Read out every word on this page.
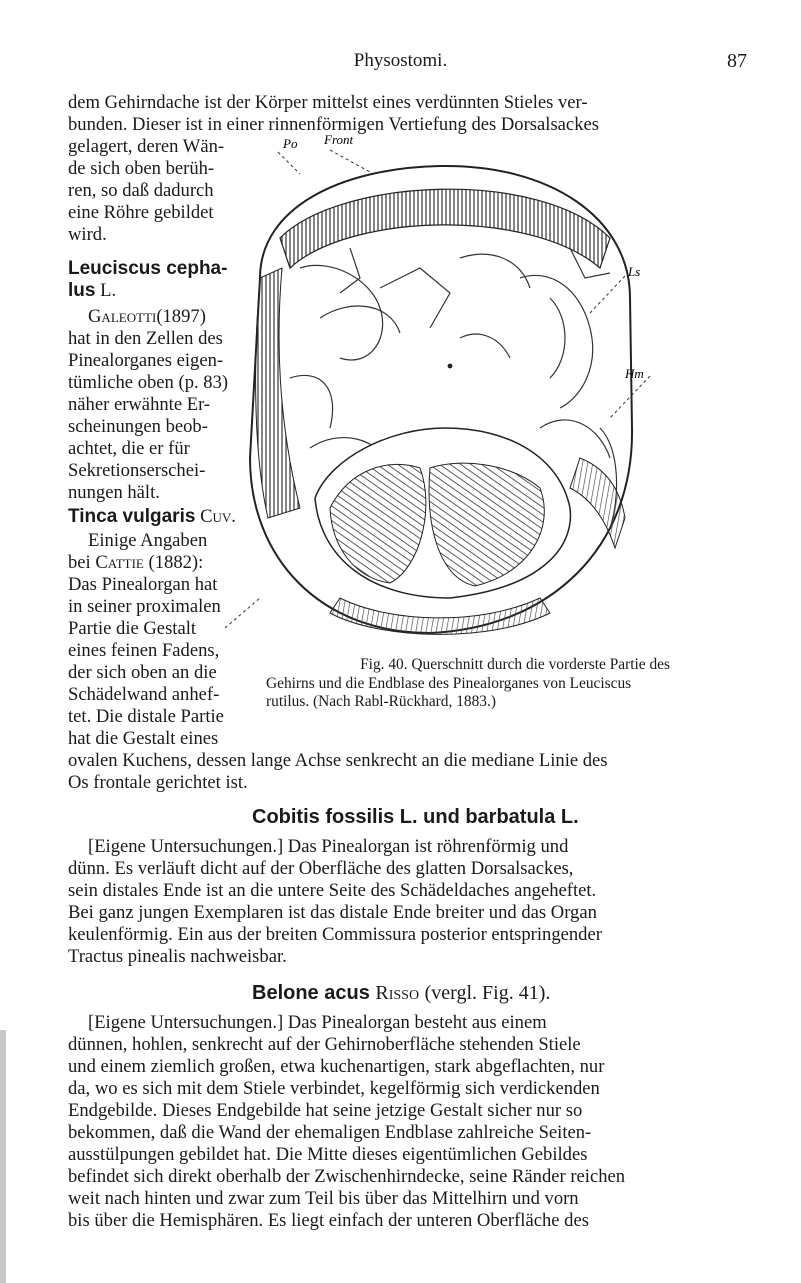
Physostomi.	87
dem Gehirndache ist der Körper mittelst eines verdünnten Stieles ver-
bunden. Dieser ist in einer rinnenförmigen Vertiefung des Dorsalsackes
gelagert, deren Wän-
de sich oben berüh-
ren, so daß dadurch
eine Röhre gebildet
wird.
Leuciscus cepha-
lus L.
Galeotti(1897)
hat in den Zellen des
Pinealorganes eigen-
tümliche oben (p. 83)
näher erwähnte Er-
scheinungen beob-
achtet, die er für
Sekretionserschei-
nungen hält.
Tinca vulgaris Cuv.
Einige Angaben
bei Cattie (1882):
Das Pinealorgan hat
in seiner proximalen
Partie die Gestalt
eines feinen Fadens,
der sich oben an die
Schädelwand anhef-
tet. Die distale Partie
hat die Gestalt eines
ovalen Kuchens, dessen lange Achse senkrecht an die mediane Linie des
Os frontale gerichtet ist.
Po Front
Ls
Hm
Fig. 40. Querschnitt durch die vorderste Partie des
Gehirns und die Endblase des Pinealorganes von Leuciscus
rutilus. (Nach Rabl-Rückhard, 1883.)
Cobitis fossilis L. und barbatula L.
[Eigene Untersuchungen.] Das Pinealorgan ist röhrenförmig und
dünn. Es verläuft dicht auf der Oberfläche des glatten Dorsalsackes,
sein distales Ende ist an die untere Seite des Schädeldaches angeheftet.
Bei ganz jungen Exemplaren ist das distale Ende breiter und das Organ
keulenförmig. Ein aus der breiten Commissura posterior entspringender
Tractus pinealis nachweisbar.
Belone acus Risso (vergl. Fig. 41).
[Eigene Untersuchungen.] Das Pinealorgan besteht aus einem
dünnen, hohlen, senkrecht auf der Gehirnoberfläche stehenden Stiele
und einem ziemlich großen, etwa kuchenartigen, stark abgeflachten, nur
da, wo es sich mit dem Stiele verbindet, kegelförmig sich verdickenden
Endgebilde. Dieses Endgebilde hat seine jetzige Gestalt sicher nur so
bekommen, daß die Wand der ehemaligen Endblase zahlreiche Seiten-
ausstülpungen gebildet hat. Die Mitte dieses eigentümlichen Gebildes
befindet sich direkt oberhalb der Zwischenhirndecke, seine Ränder reichen
weit nach hinten und zwar zum Teil bis über das Mittelhirn und vorn
bis über die Hemisphären. Es liegt einfach der unteren Oberfläche des
